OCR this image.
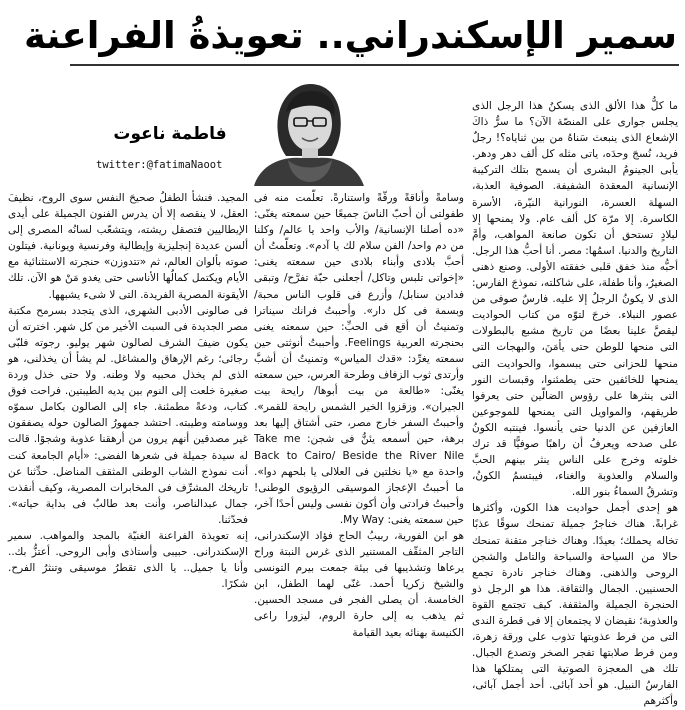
سمير الإسكندراني.. تعويذةُ الفراعنة
فاطمة ناعوت
twitter:@fatimaNaoot

ما كلُّ هذا الألق الذى يسكنُ هذا الرجل الذى يجلس جوارى على المنصّة الآن؟ ما سرُّ ذاكَ الإشعاع الذى ينبعث سَناهُ من بين ثناياه؟! رجلٌ فريد، نُسجَ وحدَه، ياتى مثله كل ألف دهر ودهر. يأبى الجينومُ البشرى أن يسمح بتلك التركيبة الإنسانية المعقدة الشفيفة. الصوفية العذبة، السهلة العسرة، النورانية النيّرة، الأسرة الكاسرة. إلا مرّة كل ألف عام. ولا يمنحها إلا لبلادٍ تستحق أن تكون صانعة المواهب، وأمَّ التاريخ والدنيا. اسمُها: مصر. أنا أحبُّ هذا الرجل. أحبُّه منذ خفق قلبى خفقته الأولى. وصنع ذهنى الصغيرُ، وأنا طفلة، على شاكلته، نموذجَ الفارس: الذى لا يكونُ الرجلُ إلا عليه. فارسٌ صوفى من عصور النبلاء. خرجَ لتوّه من كتاب الحواديت ليقصَّ علينا بعضًا من تاريخ مشبع بالبطولات التى منحها للوطن حتى يأمَنَ، والبهجات التى منحها للحزانى حتى يبسموا، والحواديت التى يمنحها للخائفين حتى يطمئنوا، وقبسات النور التى ينثرها على رؤوس الضالّين حتى يعرفوا طريقهم، والمواويل التى يمنحها للموجوعين العازفين عن الدنيا حتى يأنسوا. فينتبه الكونُ على صدحه ويعرفُ أن راهبًا صوفيًّا قد ترك خلوته وخرج على الناس ينثر بينهم الحبَّ والسلام والعذوبة والغناء، فيبتسمُ الكونُ، وتشرقُ السماءُ بنور الله.

هو إحدى أجمل حواديت هذا الكون، وأكثرها غرابةً. هناك خناجرُ جميلة تمنحك سوقًا عذبًا تخاله يحملك؛ بعيدًا. وهناك خناجر متقنة تمنحك حالا من السياحة والسباحة والتامل والشجن الروحى والذهنى. وهناك خناجر نادرة تجمع الحسنيين. الجمال والثقافة. هذا هو الرجل ذو الحنجرة الجميلة والمثقفة. كيف تجتمع القوة والعذوبة؛ نقيضان لا يجتمعان إلا فى قطرة الندى التى من فرط عذوبتها تذوب على ورقة زهرة، ومن فرط صلابتها تفجر الصخر وتصدع الجبال. تلك هى المعجزة الصوتية التى يمتلكها هذا الفارسُ النبيل. هو أحد آبائى. أحد أجمل آبائى، وأكثرهم

وسامةً وأناقةً ورقّةً واستنارةً. تعلّمت منه فى طفولتى أن أحبّ الناسَ جميعًا حين سمعته يغنّى: «ده أصلنا الإنسانية/ والأب واحد يا عالم/ وكلنا من دم واحد/ الفن سلام لك يا آدم». وتعلّمتُ أن أحبَّ بلادى وأبناء بلادى حين سمعته يغنى: «إخواتى تلبس وتاكل/ أجعلنى حبّة تفرَّح/ وتبقى فدادين سنابل/ وأزرع فى قلوب الناس محبة/ وبسمة فى كل دار». وأحببتُ فرانك سيناترا وتمنيتُ أن أقع فى الحبِّ: حين سمعته يغنى بحنجرته العربية Feelings. وأحببتُ أنوثتى حين سمعته يغرِّد: «قدك المياس» وتمنيتُ أن أشبَّ وأرتدى ثوب الزفاف وطرحة العرس، حين سمعته يغنّى: «طالعة من بيت أبوها/ رايحة بيت الجيران». وزقزوا الخير الشمس رايحة للقمر». وأحببتُ السفر خارج مصر، حتى أشتاق إليها بعد برهة، حين أسمعه يئنُّ فى شجن: Take me Back to Cairo/ Beside the River Nile واحدة مع «يا نخلتين فى العلالى يا بلحهم دوا». ما أحببتُ الإعجاز الموسيقى الرؤيوى الوطنى! وأحببتُ فرادتى وأن أكون نفسى وليس أحدًا آخر، حين سمعته يغنى: My Way.

هو ابن الفورية، ربيبُ الحاج فؤاد الإسكندرانى، التاجر المثقّف المستنير الذى غرس النبتة وراح يرعاها وتشذيبها فى بيئة جمعت بيرم التونسى والشيخ زكريا أحمد. غنّى لهما الطفل، ابن الخامسة. أن يصلى الفجر فى مسجد الحسين. ثم يذهب به إلى حارة الروم، ليزورا راعى الكنيسة بهنائه بعيد القيامة

المجيد. فنشأ الطفلُ صحيحَ النفس سوى الروح، نظيفَ العقل، لا ينقصه إلا أن يدرس الفنون الجميلة على أيدى الإيطاليين فتصقل ريشته، ويتشعّب لسانُه المصرى إلى ألسن عديدة إنجليزية وإيطالية وفرنسية ويونانية. فيتلون صوته بألوان العالم، ثم «تتدوزن» حنجرته الاستثنائية مع الأيام ويكتمل كمالُها الأناسى حتى يغدو مَنْ هو الآن. تلك الأيقونة المصرية الفريدة. التى لا شىء يشبهها.

فى صالونى الأدبى الشهرى، الذى يتجدد بسرمح مكتبة مصر الجديدة فى السبت الأخير من كل شهر. اخترته أن يكون ضيفَ الشرف لصالون شهر يوليو. رجوته فلبّى رجائى؛ رغم الإرهاق والمشاغل. لم يشأ أن يخذلنى، هو الذى لم يخذل محبيه ولا وطنه. ولا حتى خذل وردة صغيرة خلعت إلى النوم بين يديه الطيبتين. فراحت فوق كتاب، ودعةً مطمئنة. جاء إلى الصالون بكامل سموّه ووسامته وطيبته. احتشد جمهورُ الصالون حوله يصفقون غير مصدقين أنهم يرون من أرهقنا عذوبة وشجوًا. قالت له سيدة جميلة فى شعرها الفضى: «أيام الجامعة كنت أنت نموذج الشاب الوطنى المثقف المناضل. حدِّثنا عن تاريخك المشرِّف فى المخابرات المصرية، وكيف أنقذت جمال عبدالناصر، وأنت بعد طالبٌ فى بداية حياته». فحدّثنا.

إنه تعويذة الفراعنة الغنيّة بالمجد والمواهب. سمير الإسكندرانى. حبيبى وأستاذى وأبى الروحى. أعتزُّ بك.. وأنا يا جميل.. يا الذى تقطرُ موسيقى وتنثرُ الفرح. شكرًا.
